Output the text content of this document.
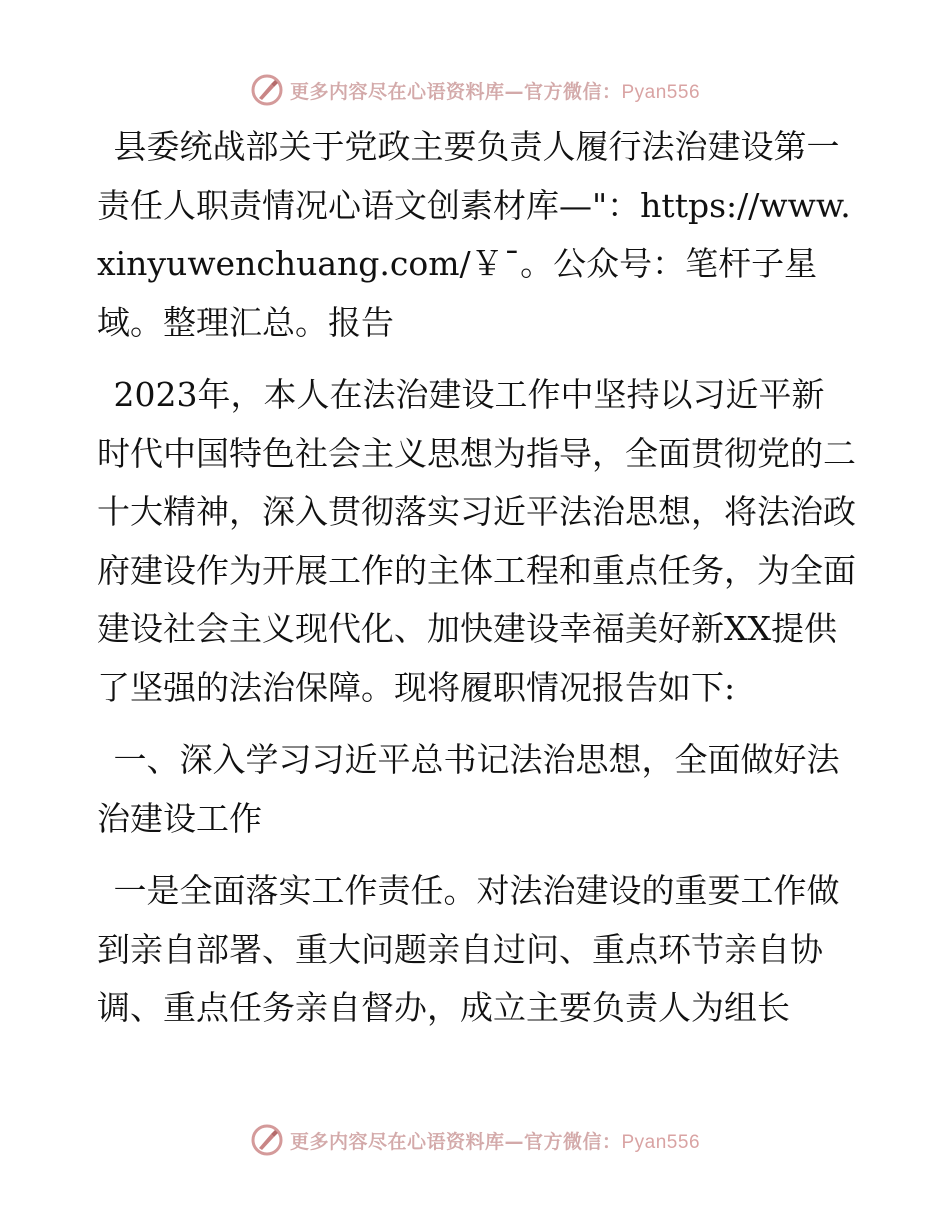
更多内容尽在心语资料库—官方微信：Pyan556

县委统战部关于党政主要负责人履行法治建设第一责任人职责情况心语文创素材库—"：https://www.xinyuwenchuang.com/￥¯。公众号：笔杆子星域。整理汇总。报告

2023年，本人在法治建设工作中坚持以习近平新时代中国特色社会主义思想为指导，全面贯彻党的二十大精神，深入贯彻落实习近平法治思想，将法治政府建设作为开展工作的主体工程和重点任务，为全面建设社会主义现代化、加快建设幸福美好新XX提供了坚强的法治保障。现将履职情况报告如下:

一、深入学习习近平总书记法治思想，全面做好法治建设工作

一是全面落实工作责任。对法治建设的重要工作做到亲自部署、重大问题亲自过问、重点环节亲自协调、重点任务亲自督办，成立主要负责人为组长

更多内容尽在心语资料库—官方微信：Pyan556
